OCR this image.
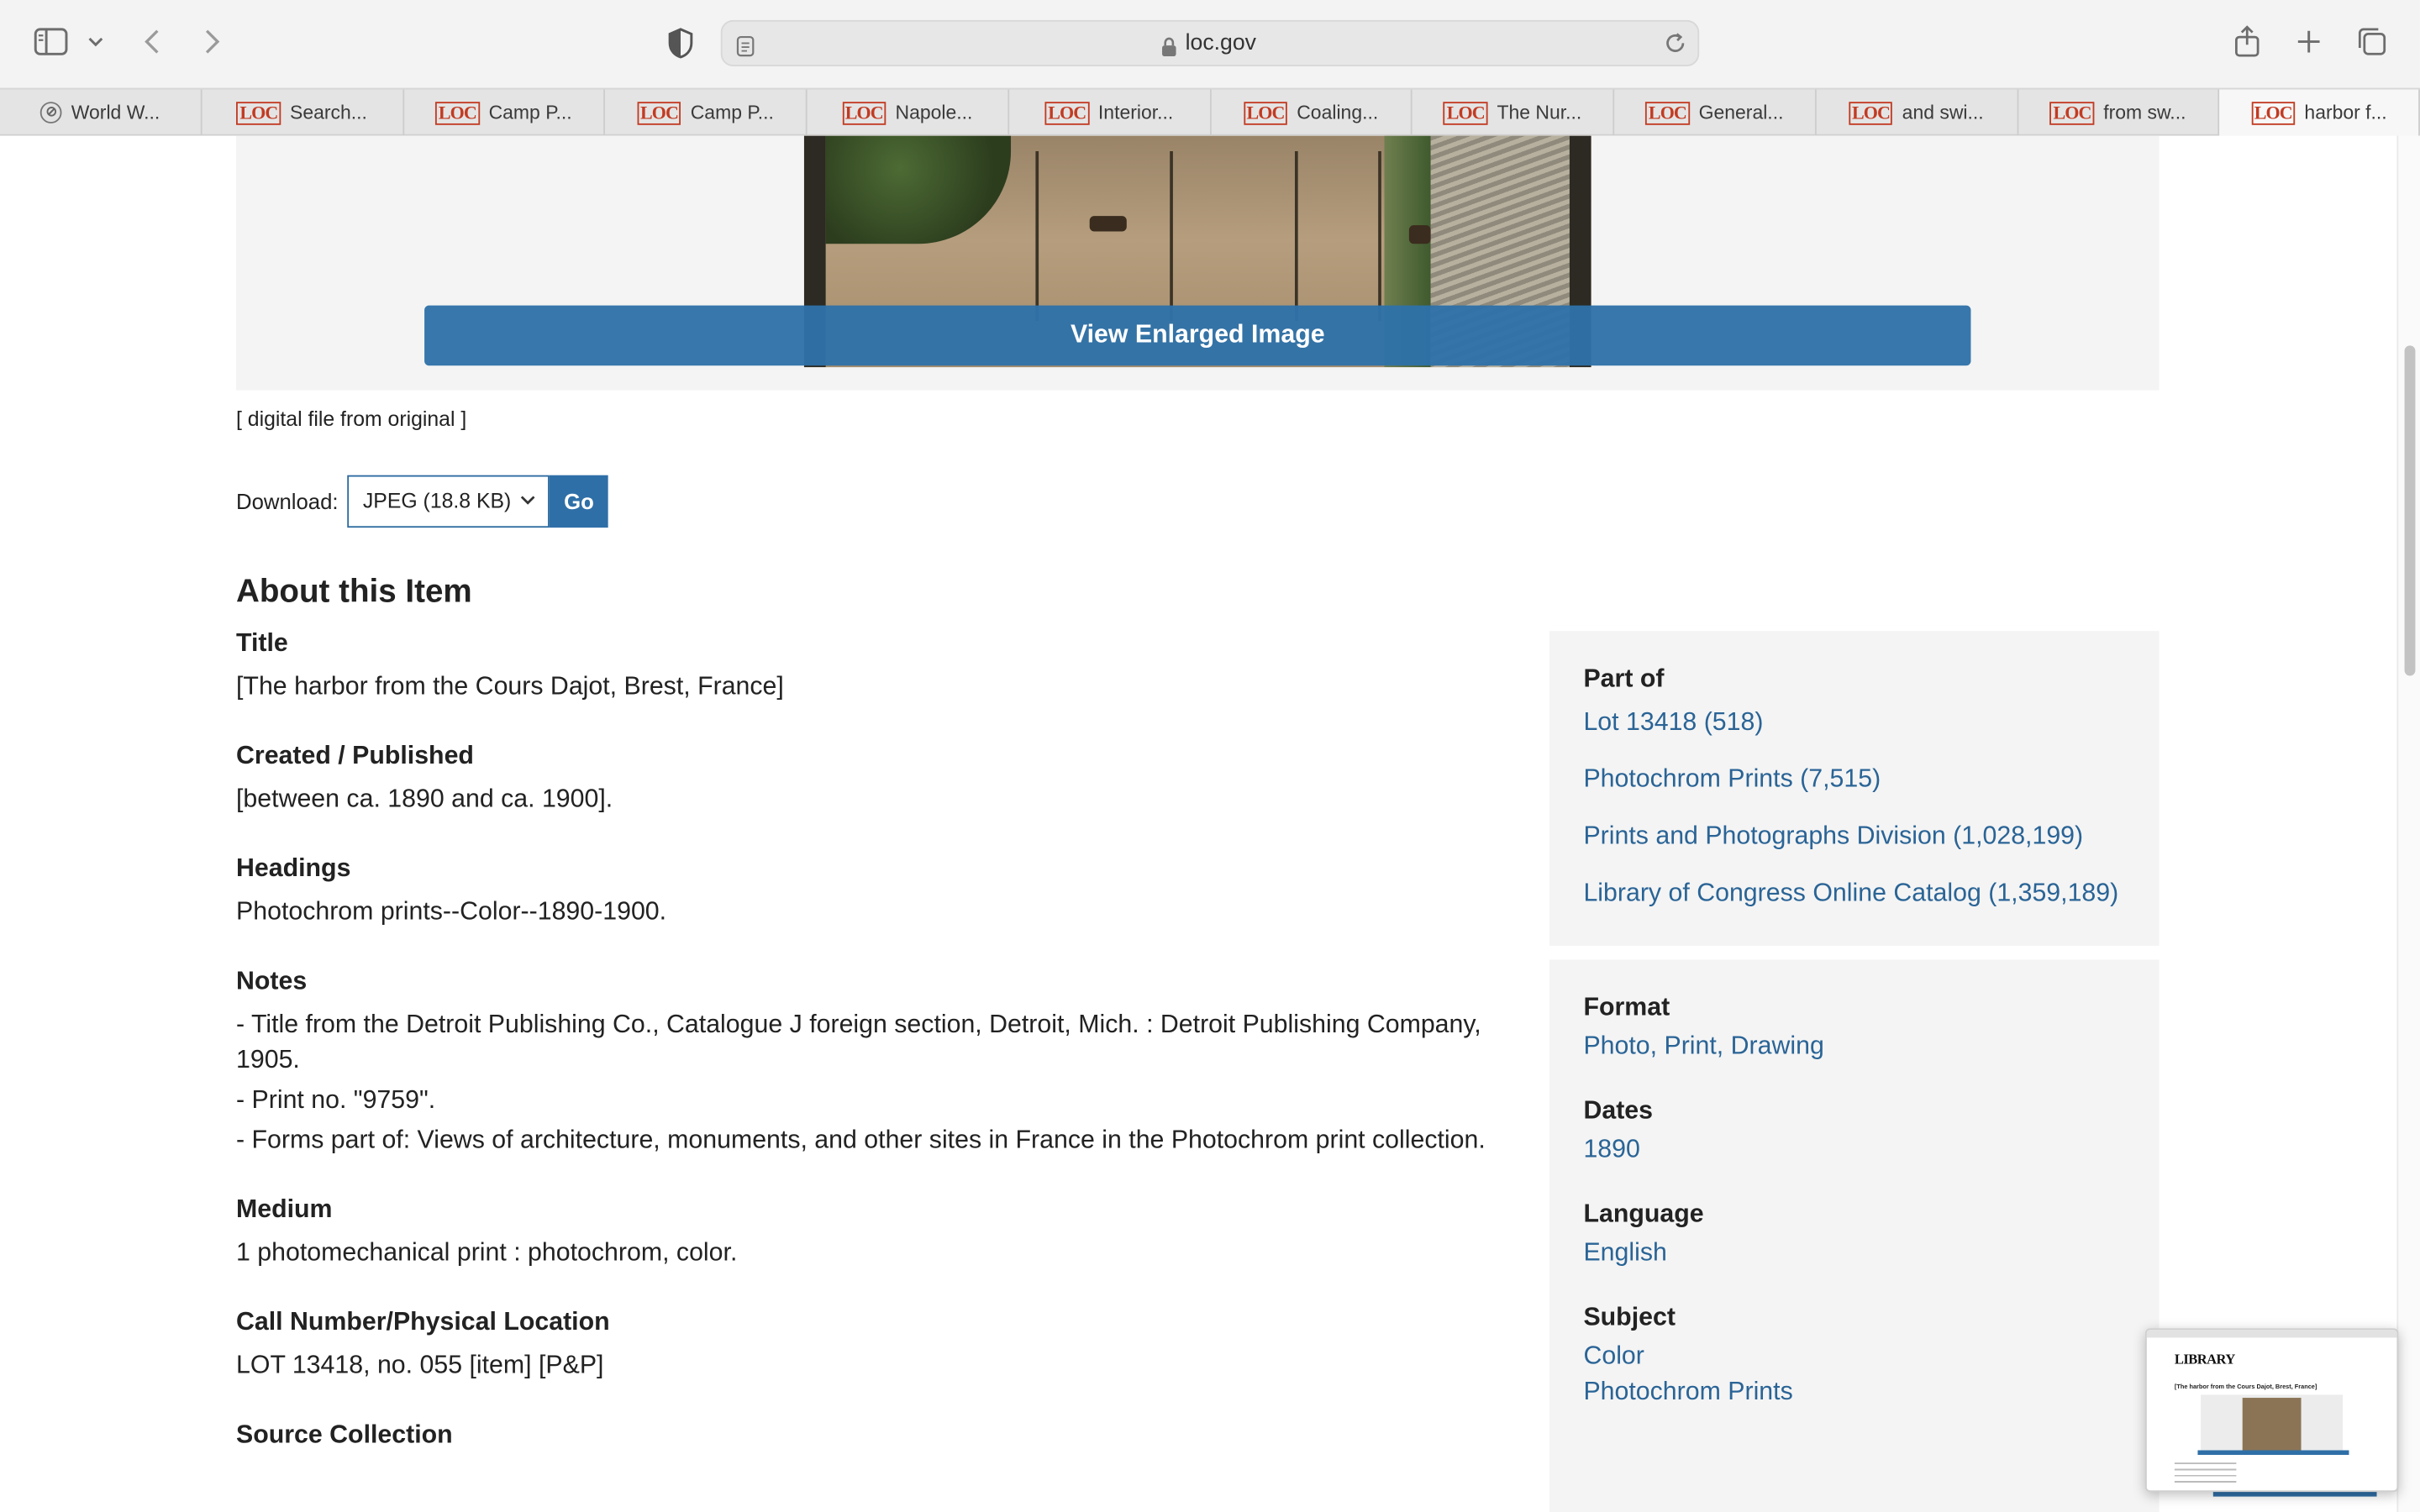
loc.gov
⊘	World W...	LOC Search...	LOC Camp P...	LOC Camp P...	LOC Napole...	LOC Interior...	LOC Coaling...	LOC The Nur...	LOC General...	LOC and swi...	LOC from sw...	LOC harbor f...
View Enlarged Image
[ digital file from original ]
Download:	JPEG (18.8 KB)	Go
About this Item
Title
[The harbor from the Cours Dajot, Brest, France]
Created / Published
[between ca. 1890 and ca. 1900].
Headings
Photochrom prints--Color--1890-1900.
Notes
- Title from the Detroit Publishing Co., Catalogue J foreign section, Detroit, Mich. : Detroit Publishing Company, 1905.
- Print no. "9759".
- Forms part of: Views of architecture, monuments, and other sites in France in the Photochrom print collection.
Medium
1 photomechanical print : photochrom, color.
Call Number/Physical Location
LOT 13418, no. 055 [item] [P&P]
Source Collection
Part of
Lot 13418 (518)
Photochrom Prints (7,515)
Prints and Photographs Division (1,028,199)
Library of Congress Online Catalog (1,359,189)
Format
Photo, Print, Drawing
Dates
1890
Language
English
Subject
Color
Photochrom Prints
LIBRARY
[The harbor from the Cours Dajot, Brest, France]
